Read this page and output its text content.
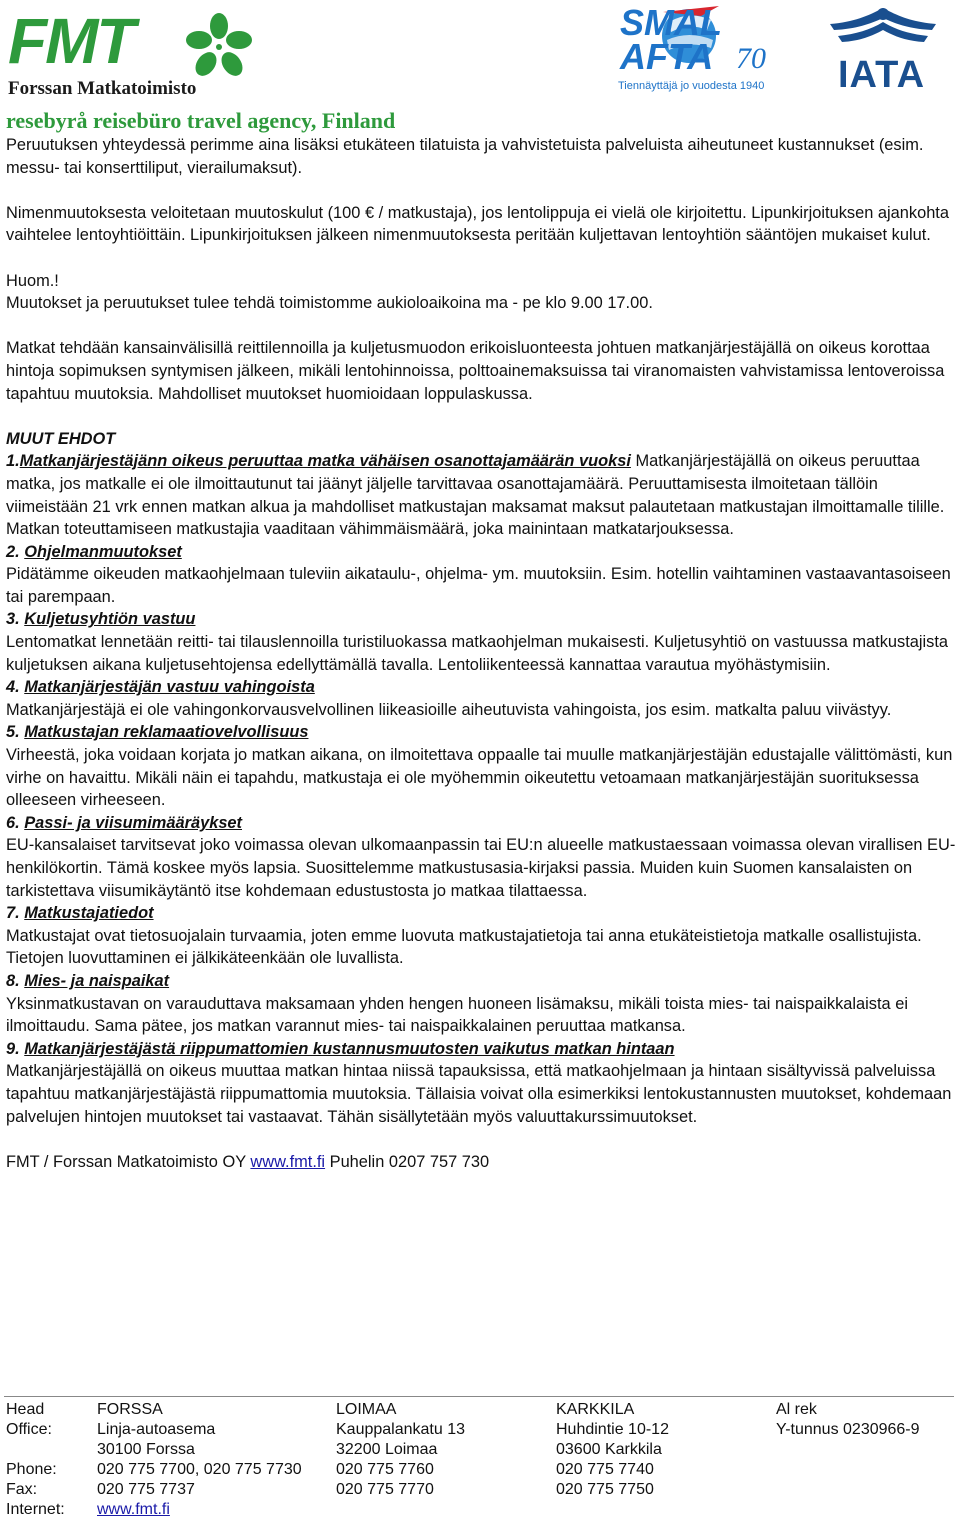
FMT
Forssan Matkatoimisto
SMAL
AFTA 70
Tiennäyttäjä jo vuodesta 1940 IATA
resebyrå reisebüro travel agency, Finland

Peruutuksen yhteydessä perimme aina lisäksi etukäteen tilatuista ja vahvistetuista palveluista aiheutuneet kustannukset (esim. messu- tai konserttiliput, vierailumaksut).

Nimenmuutoksesta veloitetaan muutoskulut (100 € / matkustaja), jos lentolippuja ei vielä ole kirjoitettu. Lipunkirjoituksen ajankohta vaihtelee lentoyhtiöittäin. Lipunkirjoituksen jälkeen nimenmuutoksesta peritään kuljettavan lentoyhtiön sääntöjen mukaiset kulut.

Huom.!

Muutokset ja peruutukset tulee tehdä toimistomme aukioloaikoina ma - pe klo 9.00 17.00.

Matkat tehdään kansainvälisillä reittilennoilla ja kuljetusmuodon erikoisluonteesta johtuen matkanjärjestäjällä on oikeus korottaa hintoja sopimuksen syntymisen jälkeen, mikäli lentohinnoissa, polttoainemaksuissa tai viranomaisten vahvistamissa lentoveroissa tapahtuu muutoksia. Mahdolliset muutokset huomioidaan loppulaskussa.

MUUT EHDOT

1.Matkanjärjestäjänn oikeus peruuttaa matka vähäisen osanottajamäärän vuoksi Matkanjärjestäjällä on oikeus peruuttaa matka, jos matkalle ei ole ilmoittautunut tai jäänyt jäljelle tarvittavaa osanottajamäärä. Peruuttamisesta ilmoitetaan tällöin viimeistään 21 vrk ennen matkan alkua ja mahdolliset matkustajan maksamat maksut palautetaan matkustajan ilmoittamalle tilille. Matkan toteuttamiseen matkustajia vaaditaan vähimmäismäärä, joka mainintaan matkatarjouksessa.

2. Ohjelmanmuutokset

Pidätämme oikeuden matkaohjelmaan tuleviin aikataulu-, ohjelma- ym. muutoksiin. Esim. hotellin vaihtaminen vastaavantasoiseen tai parempaan.

3. Kuljetusyhtiön vastuu

Lentomatkat lennetään reitti- tai tilauslennoilla turistiluokassa matkaohjelman mukaisesti. Kuljetusyhtiö on vastuussa matkustajista kuljetuksen aikana kuljetusehtojensa edellyttämällä tavalla. Lentoliikenteessä kannattaa varautua myöhästymisiin.

4. Matkanjärjestäjän vastuu vahingoista

Matkanjärjestäjä ei ole vahingonkorvausvelvollinen liikeasioille aiheutuvista vahingoista, jos esim. matkalta paluu viivästyy.

5. Matkustajan reklamaatiovelvollisuus

Virheestä, joka voidaan korjata jo matkan aikana, on ilmoitettava oppaalle tai muulle matkanjärjestäjän edustajalle välittömästi, kun virhe on havaittu. Mikäli näin ei tapahdu, matkustaja ei ole myöhemmin oikeutettu vetoamaan matkanjärjestäjän suorituksessa olleeseen virheeseen.

6. Passi- ja viisumimääräykset

EU-kansalaiset tarvitsevat joko voimassa olevan ulkomaanpassin tai EU:n alueelle matkustaessaan voimassa olevan virallisen EU-henkilökortin. Tämä koskee myös lapsia. Suosittelemme matkustusasia-kirjaksi passia. Muiden kuin Suomen kansalaisten on tarkistettava viisumikäytäntö itse kohdemaan edustustosta jo matkaa tilattaessa.

7. Matkustajatiedot

Matkustajat ovat tietosuojalain turvaamia, joten emme luovuta matkustajatietoja tai anna etukäteistietoja matkalle osallistujista. Tietojen luovuttaminen ei jälkikäteenkään ole luvallista.

8. Mies- ja naispaikat

Yksinmatkustavan on varauduttava maksamaan yhden hengen huoneen lisämaksu, mikäli toista mies- tai naispaikkalaista ei ilmoittaudu. Sama pätee, jos matkan varannut mies- tai naispaikkalainen peruuttaa matkansa.

9. Matkanjärjestäjästä riippumattomien kustannusmuutosten vaikutus matkan hintaan

Matkanjärjestäjällä on oikeus muuttaa matkan hintaa niissä tapauksissa, että matkaohjelmaan ja hintaan sisältyvissä palveluissa tapahtuu matkanjärjestäjästä riippumattomia muutoksia. Tällaisia voivat olla esimerkiksi lentokustannusten muutokset, kohdemaan palvelujen hintojen muutokset tai vastaavat. Tähän sisällytetään myös valuuttakurssimuutokset.

FMT / Forssan Matkatoimisto OY www.fmt.fi Puhelin 0207 757 730

Head
Office:
Phone:
Fax:
Internet:
FORSSA
Linja-autoasema
30100 Forssa
020 775 7700, 020 775 7730
020 775 7737
www.fmt.fi
LOIMAA
Kauppalankatu 13
32200 Loimaa
020 775 7760
020 775 7770
KARKKILA
Huhdintie 10-12
03600 Karkkila
020 775 7740
020 775 7750
Al rek
Y-tunnus 0230966-9
